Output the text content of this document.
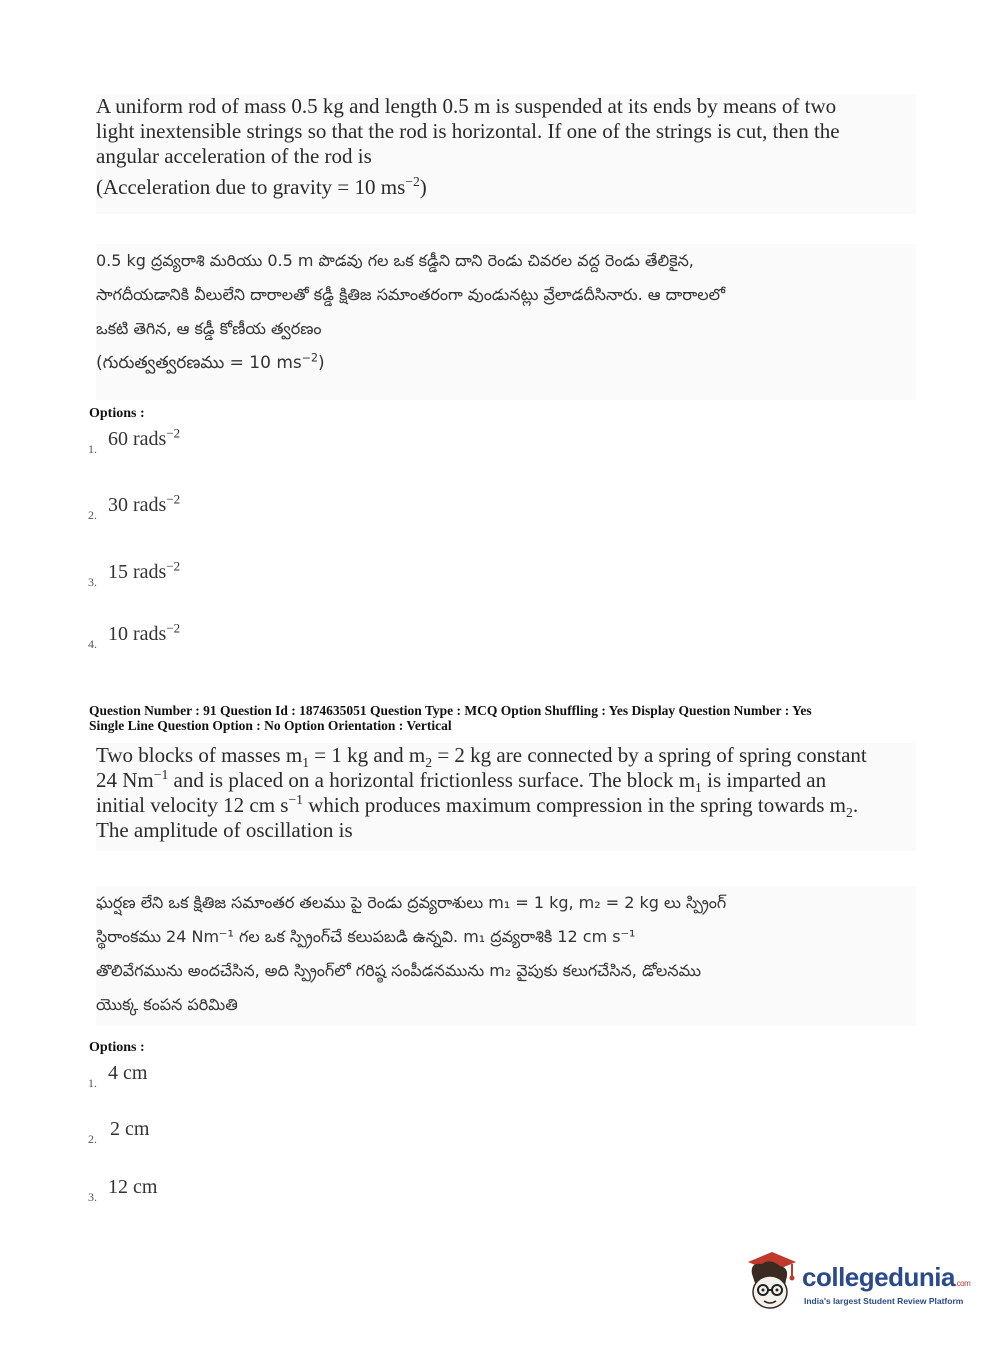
A uniform rod of mass 0.5 kg and length 0.5 m is suspended at its ends by means of two

light inextensible strings so that the rod is horizontal. If one of the strings is cut, then the

angular acceleration of the rod is

(Acceleration due to gravity = 10 $ms^{-2}$)

0.5 kg ద్రవ్యరాశి మరియు 0.5 m పొడవు గల ఒక కడ్డీని దాని రెండు చివరల వద్ద రెండు తేలికైన,

సాగదీయడానికి వీలులేని దారాలతో కడ్డీ క్షితిజ సమాంతరంగా వుండునట్లు వ్రేలాడదీసినారు. ఆ దారాలలో

ఒకటి తెగిన, ఆ కడ్డీ కోణీయ త్వరణం

(గురుత్వత్వరణము = 10 $ms^{-2}$)

Options :
1. 60 rads$^{-2}$
2. 30 rads$^{-2}$
3. 15 rads$^{-2}$
4. 10 rads$^{-2}$
Question Number : 91 Question Id : 1874635051 Question Type : MCQ Option Shuffling : Yes Display Question Number : Yes
Single Line Question Option : No Option Orientation : Vertical

Two blocks of masses $m_1 = 1$ kg and $m_2 = 2$ kg are connected by a spring of spring constant

24 $Nm^{-1}$ and is placed on a horizontal frictionless surface. The block $m_1$ is imparted an

initial velocity 12 cm $s^{-1}$ which produces maximum compression in the spring towards $m_2$.

The amplitude of oscillation is

ఘర్షణ లేని ఒక క్షితిజ సమాంతర తలము పై రెండు ద్రవ్యరాశులు m₁ = 1 kg, m₂ = 2 kg లు స్ప్రింగ్

స్థిరాంకము 24 Nm⁻¹ గల ఒక స్ప్రింగ్‌చే కలుపబడి ఉన్నవి. m₁ ద్రవ్యరాశికి 12 cm s⁻¹

తొలివేగమును అందచేసిన, అది స్ప్రింగ్‌లో గరిష్ఠ సంపీడనమును m₂ వైపుకు కలుగచేసిన, డోలనము

యొక్క కంపన పరిమితి

Options :
1. 4 cm
2. 2 cm
3. 12 cm
collegedunia.com
India's largest Student Review Platform
